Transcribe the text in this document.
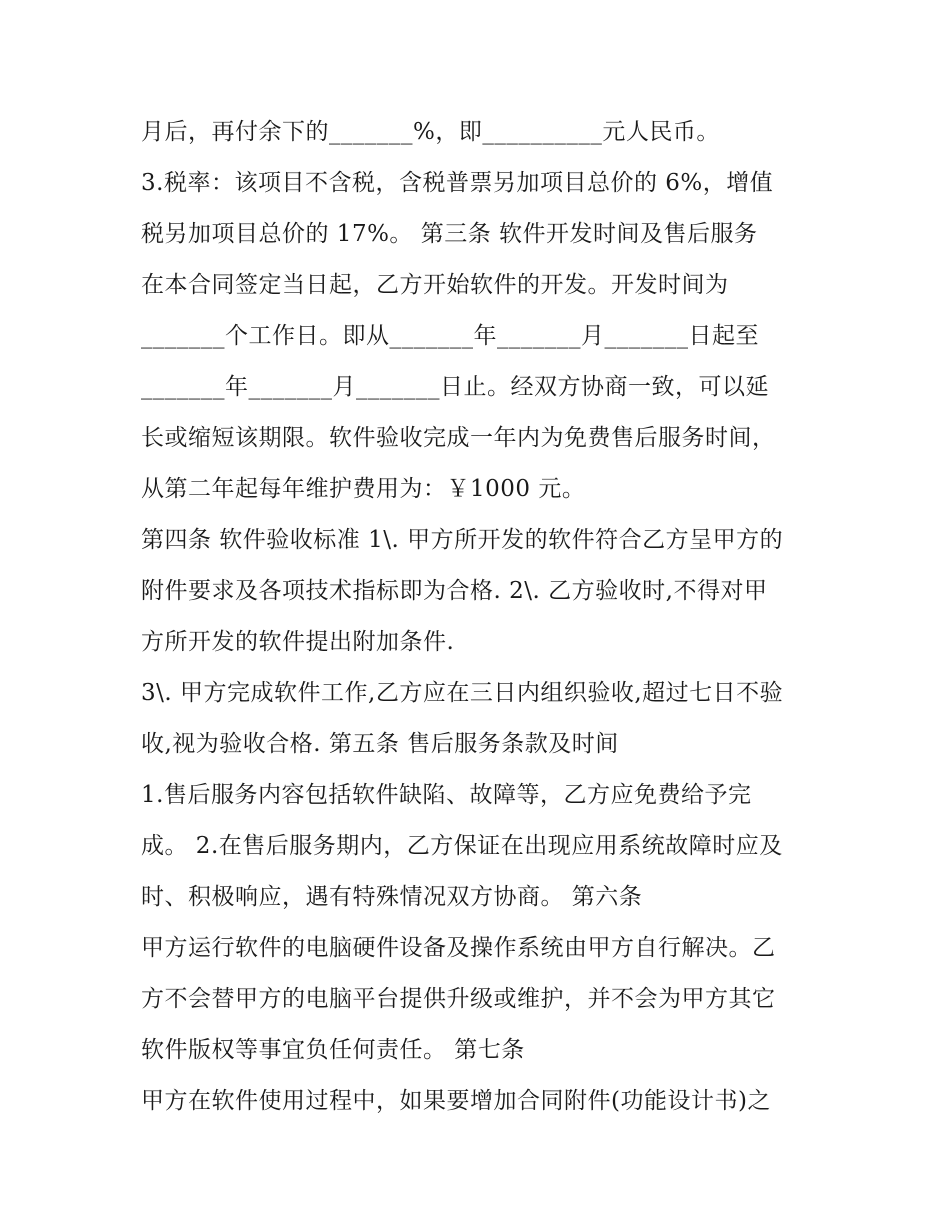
月后，再付余下的_______%，即__________元人民币。
3.税率：该项目不含税，含税普票另加项目总价的 6%，增值
税另加项目总价的 17%。 第三条 软件开发时间及售后服务
在本合同签定当日起，乙方开始软件的开发。开发时间为
_______个工作日。即从_______年_______月_______日起至
_______年_______月_______日止。经双方协商一致，可以延
长或缩短该期限。软件验收完成一年内为免费售后服务时间，
从第二年起每年维护费用为：￥1000 元。
第四条 软件验收标准 1\. 甲方所开发的软件符合乙方呈甲方的
附件要求及各项技术指标即为合格. 2\. 乙方验收时,不得对甲
方所开发的软件提出附加条件.
3\. 甲方完成软件工作,乙方应在三日内组织验收,超过七日不验
收,视为验收合格. 第五条 售后服务条款及时间
1.售后服务内容包括软件缺陷、故障等，乙方应免费给予完
成。 2.在售后服务期内，乙方保证在出现应用系统故障时应及
时、积极响应，遇有特殊情况双方协商。 第六条
甲方运行软件的电脑硬件设备及操作系统由甲方自行解决。乙
方不会替甲方的电脑平台提供升级或维护，并不会为甲方其它
软件版权等事宜负任何责任。 第七条
甲方在软件使用过程中，如果要增加合同附件(功能设计书)之
